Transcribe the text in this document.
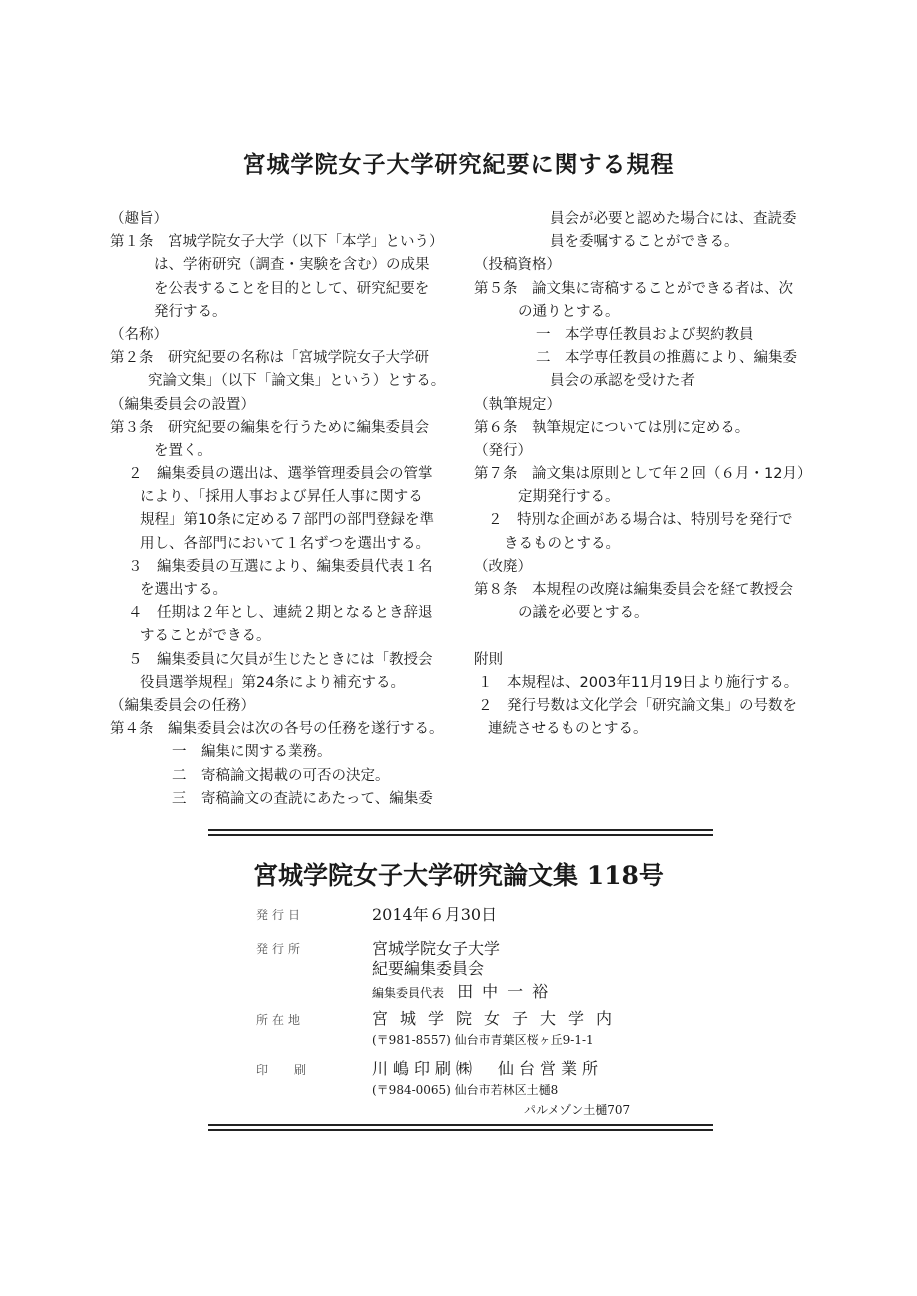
宮城学院女子大学研究紀要に関する規程
（趣旨）
第１条　宮城学院女子大学（以下「本学」という）
は、学術研究（調査・実験を含む）の成果
を公表することを目的として、研究紀要を
発行する。
（名称）
第２条　研究紀要の名称は「宮城学院女子大学研
究論文集」（以下「論文集」という）とする。
（編集委員会の設置）
第３条　研究紀要の編集を行うために編集委員会
を置く。
２　編集委員の選出は、選挙管理委員会の管掌
により、「採用人事および昇任人事に関する
規程」第10条に定める７部門の部門登録を準
用し、各部門において１名ずつを選出する。
３　編集委員の互選により、編集委員代表１名
を選出する。
４　任期は２年とし、連続２期となるとき辞退
することができる。
５　編集委員に欠員が生じたときには「教授会
役員選挙規程」第24条により補充する。
（編集委員会の任務）
第４条　編集委員会は次の各号の任務を遂行する。
一　編集に関する業務。
二　寄稿論文掲載の可否の決定。
三　寄稿論文の査読にあたって、編集委
員会が必要と認めた場合には、査読委
員を委嘱することができる。
（投稿資格）
第５条　論文集に寄稿することができる者は、次
の通りとする。
一　本学専任教員および契約教員
二　本学専任教員の推薦により、編集委
員会の承認を受けた者
（執筆規定）
第６条　執筆規定については別に定める。
（発行）
第７条　論文集は原則として年２回（６月・12月）
定期発行する。
２　特別な企画がある場合は、特別号を発行で
きるものとする。
（改廃）
第８条　本規程の改廃は編集委員会を経て教授会
の議を必要とする。
附則
１　本規程は、2003年11月19日より施行する。
２　発行号数は文化学会「研究論文集」の号数を
連続させるものとする。
宮城学院女子大学研究論文集 118号
発行日	2014年６月30日
発行所	宮城学院女子大学
紀要編集委員会
編集委員代表 田中一裕
所在地	宮城学院女子大学内
(〒981-8557) 仙台市青葉区桜ヶ丘9-1-1
印刷 川嶋印刷㈱　仙台営業所
(〒984-0065) 仙台市若林区土樋8
パルメゾン土樋707
